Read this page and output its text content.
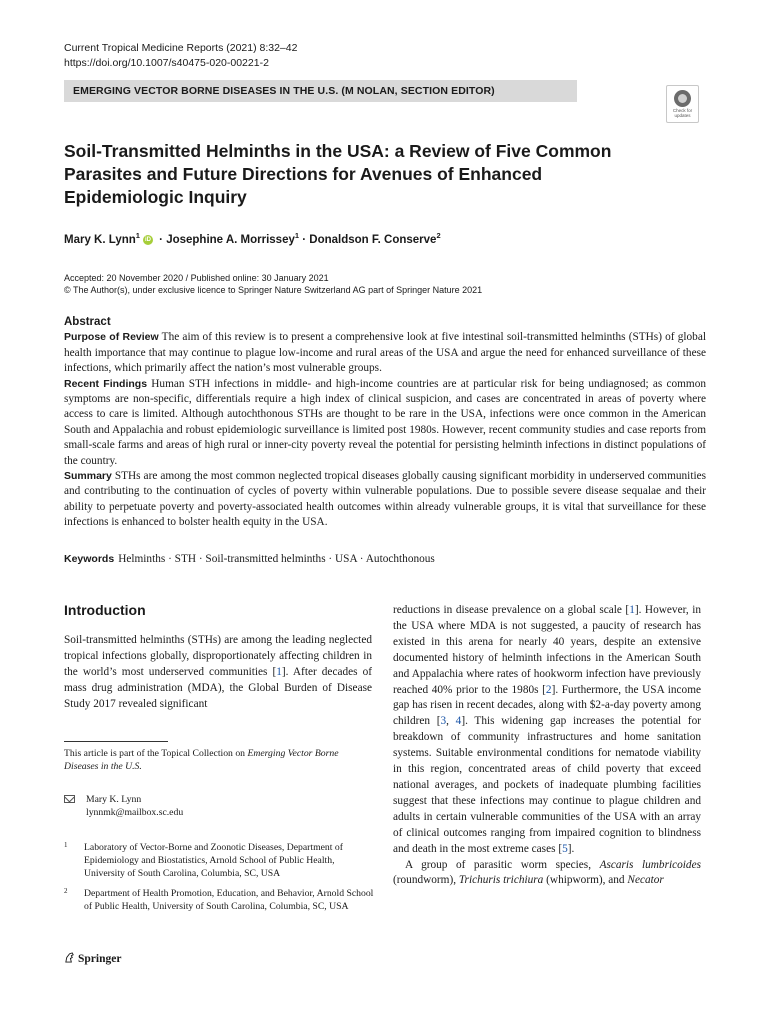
Current Tropical Medicine Reports (2021) 8:32–42
https://doi.org/10.1007/s40475-020-00221-2
EMERGING VECTOR BORNE DISEASES IN THE U.S. (M NOLAN, SECTION EDITOR)
Check for
updates
Soil-Transmitted Helminths in the USA: a Review of Five Common Parasites and Future Directions for Avenues of Enhanced Epidemiologic Inquiry
Mary K. Lynn$^1$ iD · Josephine A. Morrissey$^1$ · Donaldson F. Conserve$^2$
Accepted: 20 November 2020 / Published online: 30 January 2021
© The Author(s), under exclusive licence to Springer Nature Switzerland AG part of Springer Nature 2021
Abstract

Purpose of Review The aim of this review is to present a comprehensive look at five intestinal soil-transmitted helminths (STHs) of global health importance that may continue to plague low-income and rural areas of the USA and argue the need for enhanced surveillance of these infections, which primarily affect the nation’s most vulnerable groups.

Recent Findings Human STH infections in middle- and high-income countries are at particular risk for being undiagnosed; as common symptoms are non-specific, differentials require a high index of clinical suspicion, and cases are concentrated in areas of poverty where access to care is limited. Although autochthonous STHs are thought to be rare in the USA, infections were once common in the American South and Appalachia and robust epidemiologic surveillance is limited post 1980s. However, recent community studies and case reports from small-scale farms and areas of high rural or inner-city poverty reveal the potential for persisting helminth infections in distinct populations of the country.

Summary STHs are among the most common neglected tropical diseases globally causing significant morbidity in underserved communities and contributing to the continuation of cycles of poverty within vulnerable populations. Due to possible severe disease sequalae and their ability to perpetuate poverty and poverty-associated health outcomes within already vulnerable groups, it is vital that surveillance for these infections is enhanced to bolster health equity in the USA.

Keywords Helminths · STH · Soil-transmitted helminths · USA · Autochthonous
Introduction

Soil-transmitted helminths (STHs) are among the leading neglected tropical infections globally, disproportionately affecting children in the world’s most underserved communities [1]. After decades of mass drug administration (MDA), the Global Burden of Disease Study 2017 revealed significant

This article is part of the Topical Collection on Emerging Vector Borne Diseases in the U.S.
Mary K. Lynn
lynnmk@mailbox.sc.edu
1 Laboratory of Vector-Borne and Zoonotic Diseases, Department of Epidemiology and Biostatistics, Arnold School of Public Health, University of South Carolina, Columbia, SC, USA
2 Department of Health Promotion, Education, and Behavior, Arnold School of Public Health, University of South Carolina, Columbia, SC, USA

reductions in disease prevalence on a global scale [1]. However, in the USA where MDA is not suggested, a paucity of research has existed in this arena for nearly 40 years, despite an extensive documented history of helminth infections in the American South and Appalachia where rates of hookworm infection have previously reached 40% prior to the 1980s [2]. Furthermore, the USA income gap has risen in recent decades, along with $2-a-day poverty among children [3, 4]. This widening gap increases the potential for breakdown of community infrastructures and home sanitation systems. Suitable environmental conditions for nematode viability in this region, concentrated areas of child poverty that exceed national averages, and pockets of inadequate plumbing facilities suggest that these infections may continue to plague children and adults in certain vulnerable communities of the USA with an array of clinical outcomes ranging from impaired cognition to blindness and death in the most extreme cases [5].

A group of parasitic worm species, Ascaris lumbricoides (roundworm), Trichuris trichiura (whipworm), and Necator

Springer
